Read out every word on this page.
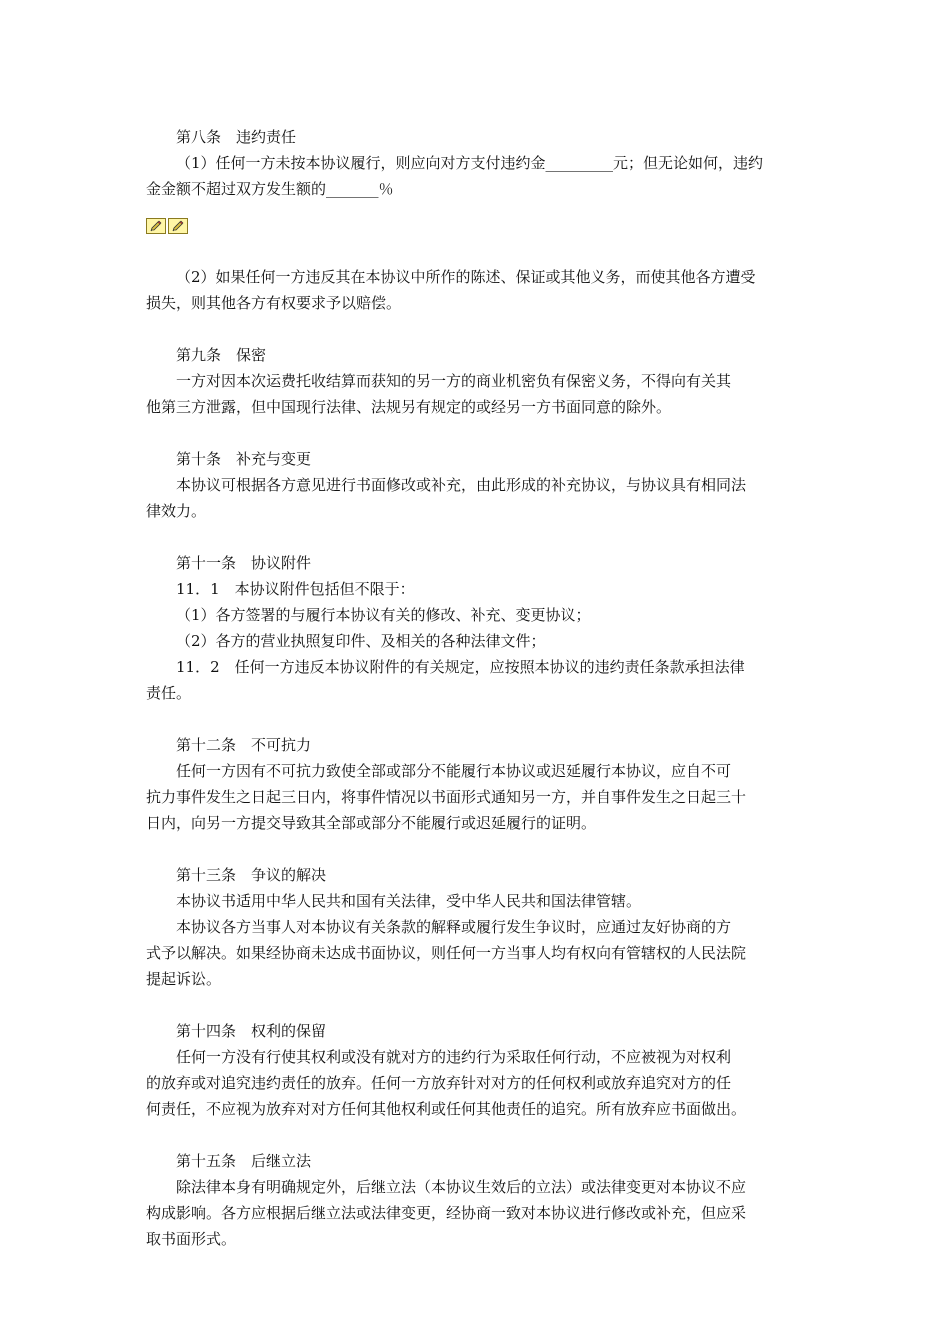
第八条　违约责任
（1）任何一方未按本协议履行，则应向对方支付违约金_________元；但无论如何，违约
金金额不超过双方发生额的_______％
（2）如果任何一方违反其在本协议中所作的陈述、保证或其他义务，而使其他各方遭受
损失，则其他各方有权要求予以赔偿。
第九条　保密
一方对因本次运费托收结算而获知的另一方的商业机密负有保密义务，不得向有关其
他第三方泄露，但中国现行法律、法规另有规定的或经另一方书面同意的除外。
第十条　补充与变更
本协议可根据各方意见进行书面修改或补充，由此形成的补充协议，与协议具有相同法
律效力。
第十一条　协议附件
11．1　本协议附件包括但不限于：
（1）各方签署的与履行本协议有关的修改、补充、变更协议；
（2）各方的营业执照复印件、及相关的各种法律文件；
11．2　任何一方违反本协议附件的有关规定，应按照本协议的违约责任条款承担法律
责任。
第十二条　不可抗力
任何一方因有不可抗力致使全部或部分不能履行本协议或迟延履行本协议，应自不可
抗力事件发生之日起三日内，将事件情况以书面形式通知另一方，并自事件发生之日起三十
日内，向另一方提交导致其全部或部分不能履行或迟延履行的证明。
第十三条　争议的解决
本协议书适用中华人民共和国有关法律，受中华人民共和国法律管辖。
本协议各方当事人对本协议有关条款的解释或履行发生争议时，应通过友好协商的方
式予以解决。如果经协商未达成书面协议，则任何一方当事人均有权向有管辖权的人民法院
提起诉讼。
第十四条　权利的保留
任何一方没有行使其权利或没有就对方的违约行为采取任何行动，不应被视为对权利
的放弃或对追究违约责任的放弃。任何一方放弃针对对方的任何权利或放弃追究对方的任
何责任，不应视为放弃对对方任何其他权利或任何其他责任的追究。所有放弃应书面做出。
第十五条　后继立法
除法律本身有明确规定外，后继立法（本协议生效后的立法）或法律变更对本协议不应
构成影响。各方应根据后继立法或法律变更，经协商一致对本协议进行修改或补充，但应采
取书面形式。
